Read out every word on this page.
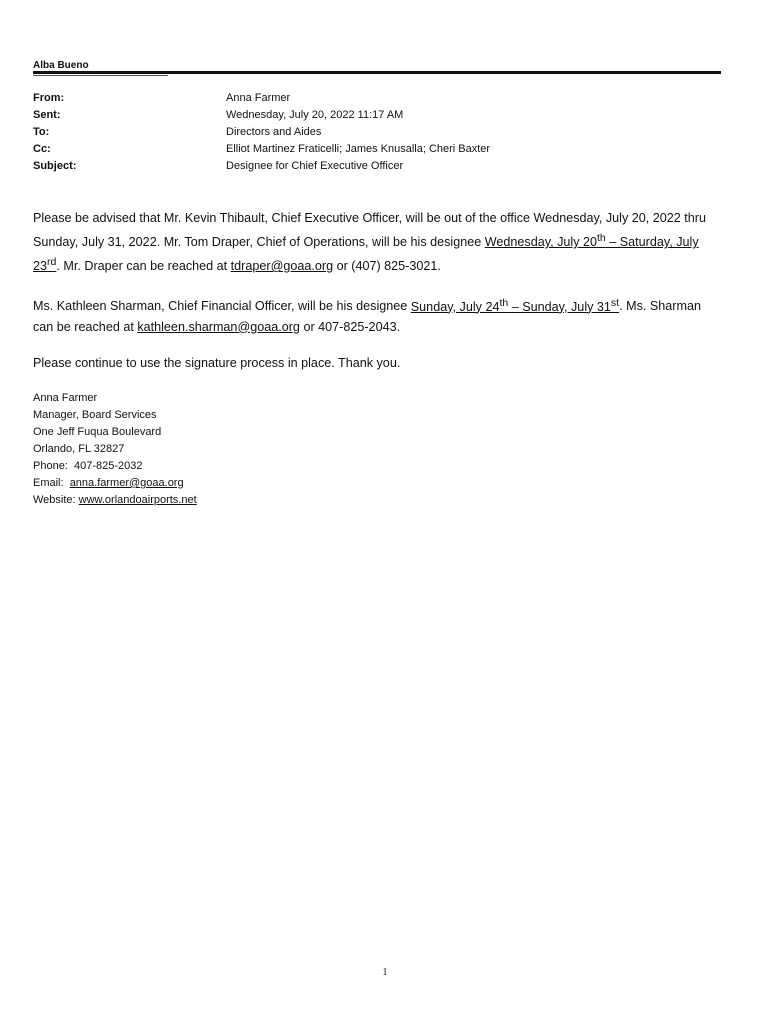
Alba Bueno
From:	Anna Farmer
Sent:	Wednesday, July 20, 2022 11:17 AM
To:	Directors and Aides
Cc:	Elliot Martinez Fraticelli; James Knusalla; Cheri Baxter
Subject:	Designee for Chief Executive Officer

Please be advised that Mr. Kevin Thibault, Chief Executive Officer, will be out of the office Wednesday, July 20, 2022 thru Sunday, July 31, 2022. Mr. Tom Draper, Chief of Operations, will be his designee Wednesday, July 20th – Saturday, July 23rd. Mr. Draper can be reached at tdraper@goaa.org or (407) 825-3021.

Ms. Kathleen Sharman, Chief Financial Officer, will be his designee Sunday, July 24th – Sunday, July 31st. Ms. Sharman can be reached at kathleen.sharman@goaa.org or 407-825-2043.

Please continue to use the signature process in place. Thank you.

Anna Farmer
Manager, Board Services
One Jeff Fuqua Boulevard
Orlando, FL 32827
Phone:  407-825-2032
Email:  anna.farmer@goaa.org
Website: www.orlandoairports.net
1
